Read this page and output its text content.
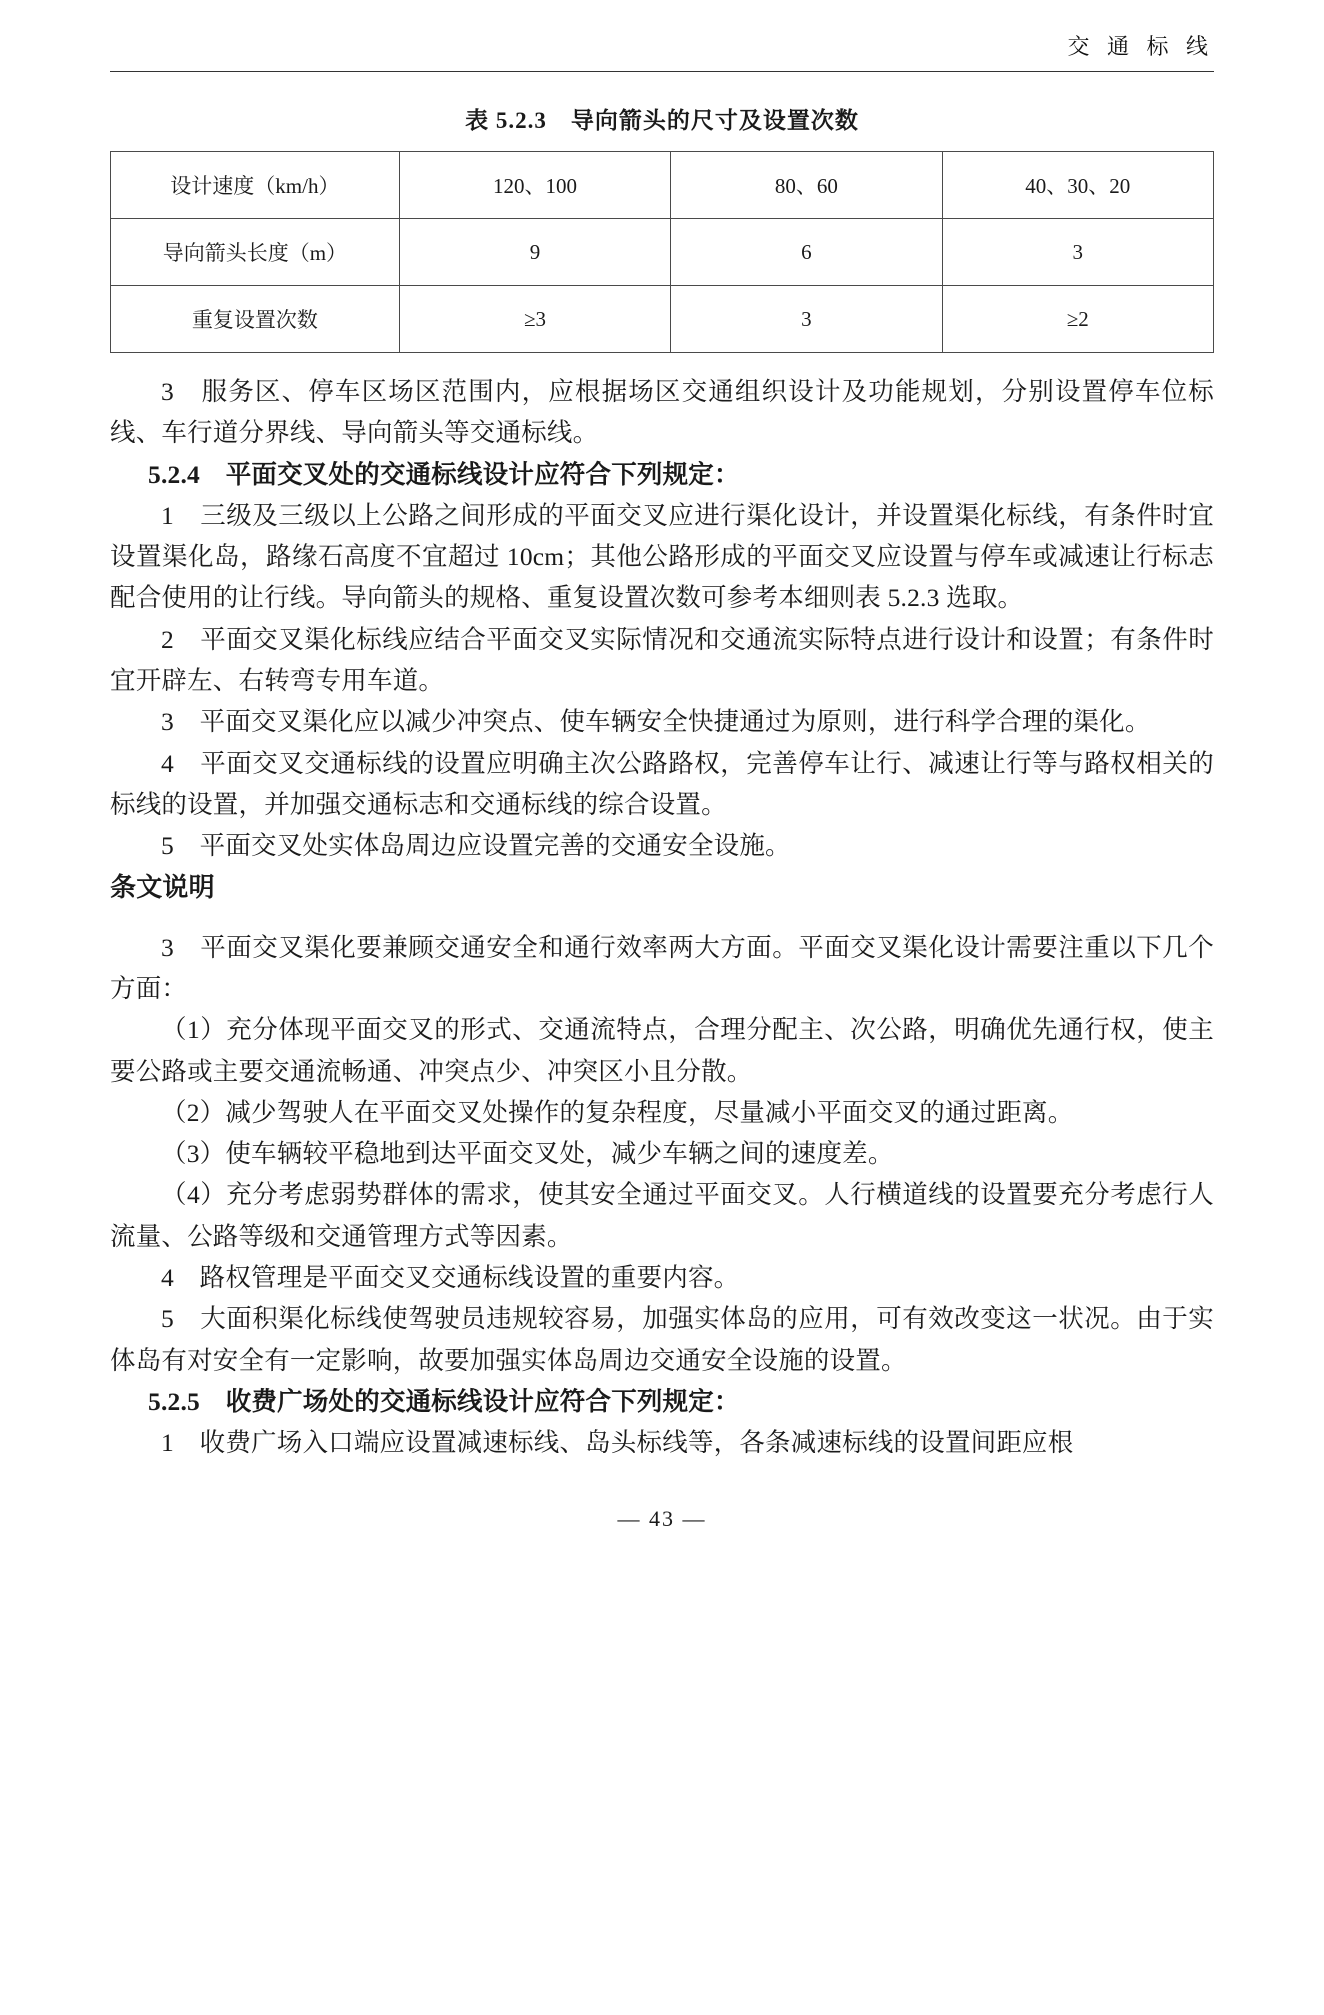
交 通 标 线
表 5.2.3　导向箭头的尺寸及设置次数
设计速度（km/h）	120、100	80、60	40、30、20
导向箭头长度（m）	9	6	3
重复设置次数	≥3	3	≥2

3　服务区、停车区场区范围内，应根据场区交通组织设计及功能规划，分别设置停车位标线、车行道分界线、导向箭头等交通标线。

5.2.4　平面交叉处的交通标线设计应符合下列规定：

1　三级及三级以上公路之间形成的平面交叉应进行渠化设计，并设置渠化标线，有条件时宜设置渠化岛，路缘石高度不宜超过 10cm；其他公路形成的平面交叉应设置与停车或减速让行标志配合使用的让行线。导向箭头的规格、重复设置次数可参考本细则表 5.2.3 选取。

2　平面交叉渠化标线应结合平面交叉实际情况和交通流实际特点进行设计和设置；有条件时宜开辟左、右转弯专用车道。

3　平面交叉渠化应以减少冲突点、使车辆安全快捷通过为原则，进行科学合理的渠化。

4　平面交叉交通标线的设置应明确主次公路路权，完善停车让行、减速让行等与路权相关的标线的设置，并加强交通标志和交通标线的综合设置。

5　平面交叉处实体岛周边应设置完善的交通安全设施。

条文说明

3　平面交叉渠化要兼顾交通安全和通行效率两大方面。平面交叉渠化设计需要注重以下几个方面：

（1）充分体现平面交叉的形式、交通流特点，合理分配主、次公路，明确优先通行权，使主要公路或主要交通流畅通、冲突点少、冲突区小且分散。

（2）减少驾驶人在平面交叉处操作的复杂程度，尽量减小平面交叉的通过距离。

（3）使车辆较平稳地到达平面交叉处，减少车辆之间的速度差。

（4）充分考虑弱势群体的需求，使其安全通过平面交叉。人行横道线的设置要充分考虑行人流量、公路等级和交通管理方式等因素。

4　路权管理是平面交叉交通标线设置的重要内容。

5　大面积渠化标线使驾驶员违规较容易，加强实体岛的应用，可有效改变这一状况。由于实体岛有对安全有一定影响，故要加强实体岛周边交通安全设施的设置。

5.2.5　收费广场处的交通标线设计应符合下列规定：

1　收费广场入口端应设置减速标线、岛头标线等，各条减速标线的设置间距应根

— 43 —
